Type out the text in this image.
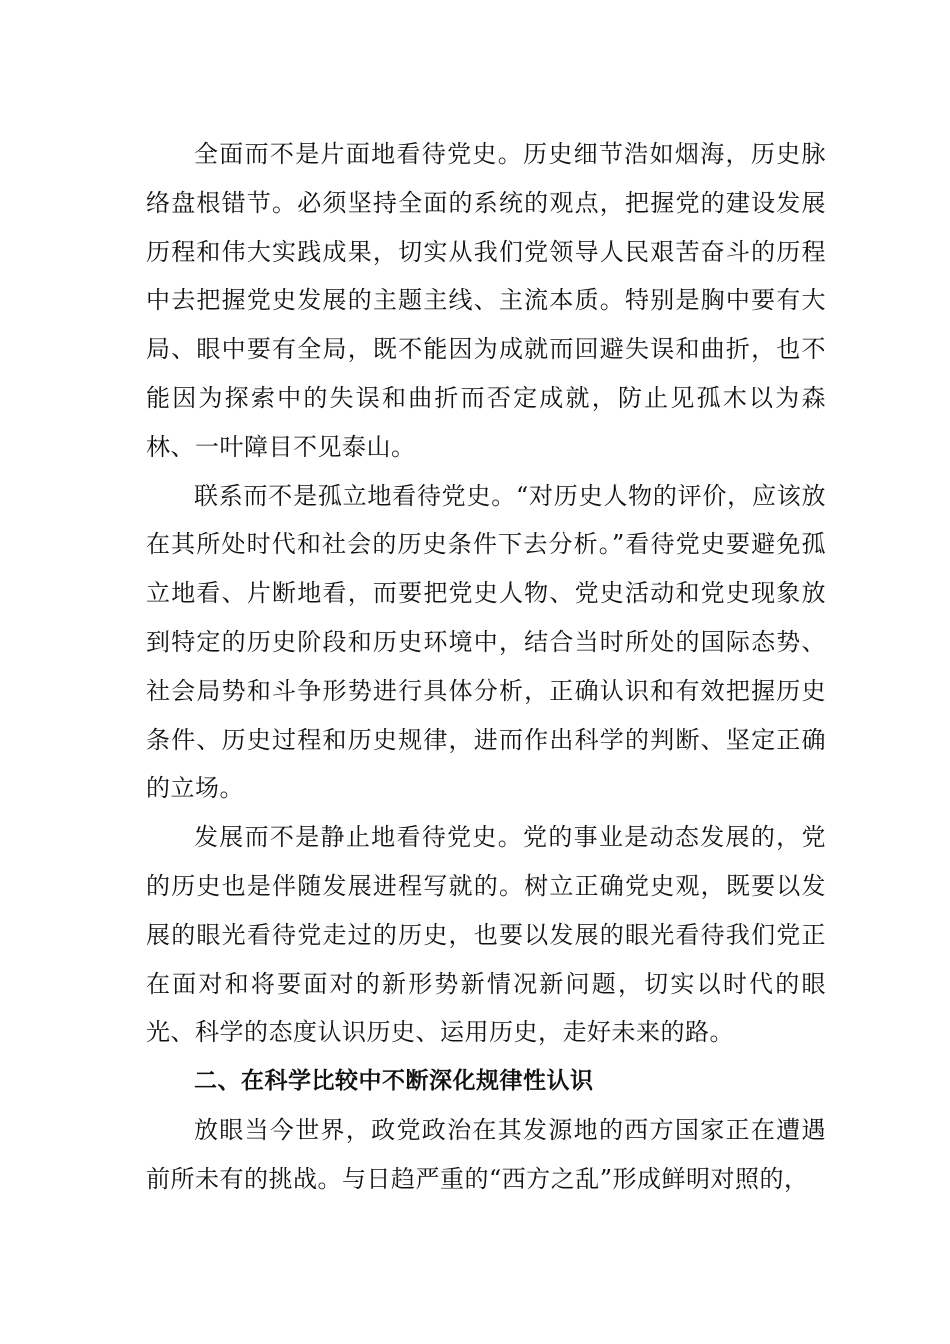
全面而不是片面地看待党史。历史细节浩如烟海，历史脉络盘根错节。必须坚持全面的系统的观点，把握党的建设发展历程和伟大实践成果，切实从我们党领导人民艰苦奋斗的历程中去把握党史发展的主题主线、主流本质。特别是胸中要有大局、眼中要有全局，既不能因为成就而回避失误和曲折，也不能因为探索中的失误和曲折而否定成就，防止见孤木以为森林、一叶障目不见泰山。

联系而不是孤立地看待党史。“对历史人物的评价，应该放在其所处时代和社会的历史条件下去分析。”看待党史要避免孤立地看、片断地看，而要把党史人物、党史活动和党史现象放到特定的历史阶段和历史环境中，结合当时所处的国际态势、社会局势和斗争形势进行具体分析，正确认识和有效把握历史条件、历史过程和历史规律，进而作出科学的判断、坚定正确的立场。

发展而不是静止地看待党史。党的事业是动态发展的，党的历史也是伴随发展进程写就的。树立正确党史观，既要以发展的眼光看待党走过的历史，也要以发展的眼光看待我们党正在面对和将要面对的新形势新情况新问题，切实以时代的眼光、科学的态度认识历史、运用历史，走好未来的路。

二、在科学比较中不断深化规律性认识

放眼当今世界，政党政治在其发源地的西方国家正在遭遇前所未有的挑战。与日趋严重的“西方之乱”形成鲜明对照的，
